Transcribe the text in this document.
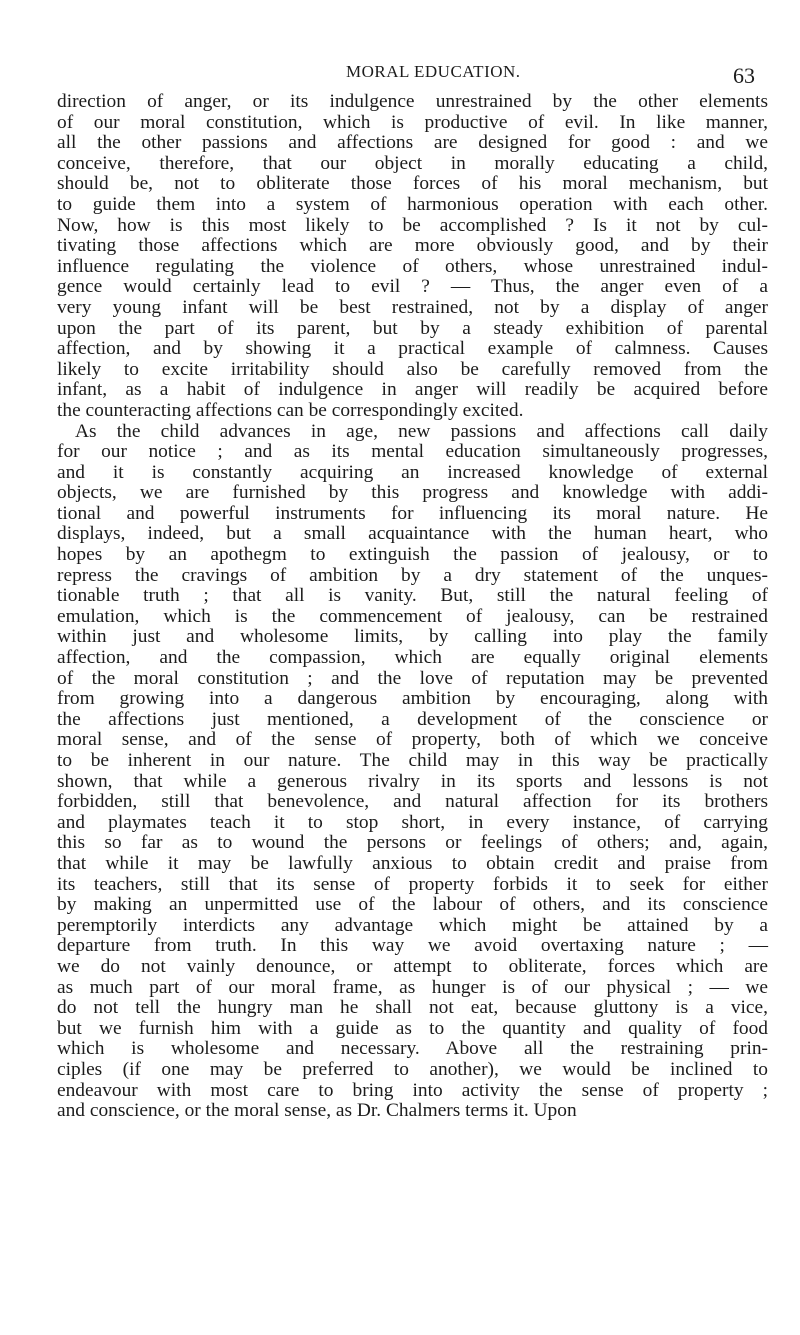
MORAL EDUCATION.	63
direction of anger, or its indulgence unrestrained by the other elements
of our moral constitution, which is productive of evil. In like manner,
all the other passions and affections are designed for good : and we
conceive, therefore, that our object in morally educating a child,
should be, not to obliterate those forces of his moral mechanism, but
to guide them into a system of harmonious operation with each other.
Now, how is this most likely to be accomplished ? Is it not by cul-
tivating those affections which are more obviously good, and by their
influence regulating the violence of others, whose unrestrained indul-
gence would certainly lead to evil ? — Thus, the anger even of a
very young infant will be best restrained, not by a display of anger
upon the part of its parent, but by a steady exhibition of parental
affection, and by showing it a practical example of calmness. Causes
likely to excite irritability should also be carefully removed from the
infant, as a habit of indulgence in anger will readily be acquired before
the counteracting affections can be correspondingly excited.
As the child advances in age, new passions and affections call daily
for our notice ; and as its mental education simultaneously progresses,
and it is constantly acquiring an increased knowledge of external
objects, we are furnished by this progress and knowledge with addi-
tional and powerful instruments for influencing its moral nature. He
displays, indeed, but a small acquaintance with the human heart, who
hopes by an apothegm to extinguish the passion of jealousy, or to
repress the cravings of ambition by a dry statement of the unques-
tionable truth ; that all is vanity. But, still the natural feeling of
emulation, which is the commencement of jealousy, can be restrained
within just and wholesome limits, by calling into play the family
affection, and the compassion, which are equally original elements
of the moral constitution ; and the love of reputation may be prevented
from growing into a dangerous ambition by encouraging, along with
the affections just mentioned, a development of the conscience or
moral sense, and of the sense of property, both of which we conceive
to be inherent in our nature. The child may in this way be practically
shown, that while a generous rivalry in its sports and lessons is not
forbidden, still that benevolence, and natural affection for its brothers
and playmates teach it to stop short, in every instance, of carrying
this so far as to wound the persons or feelings of others; and, again,
that while it may be lawfully anxious to obtain credit and praise from
its teachers, still that its sense of property forbids it to seek for either
by making an unpermitted use of the labour of others, and its conscience
peremptorily interdicts any advantage which might be attained by a
departure from truth. In this way we avoid overtaxing nature ; —
we do not vainly denounce, or attempt to obliterate, forces which are
as much part of our moral frame, as hunger is of our physical ; — we
do not tell the hungry man he shall not eat, because gluttony is a vice,
but we furnish him with a guide as to the quantity and quality of food
which is wholesome and necessary. Above all the restraining prin-
ciples (if one may be preferred to another), we would be inclined to
endeavour with most care to bring into activity the sense of property ;
and conscience, or the moral sense, as Dr. Chalmers terms it. Upon
